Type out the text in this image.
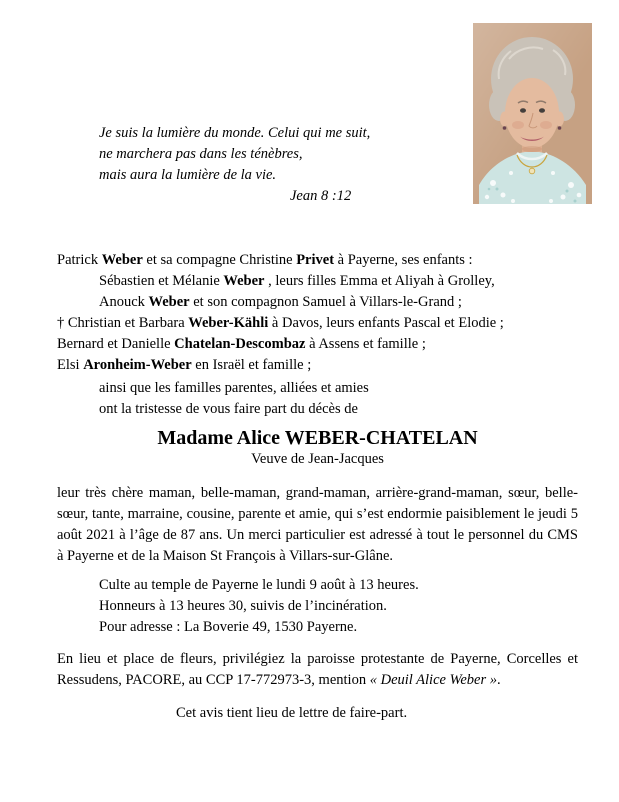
Je suis la lumière du monde. Celui qui me suit,
ne marchera pas dans les ténèbres,
mais aura la lumière de la vie.
Jean 8 :12
Patrick Weber et sa compagne Christine Privet à Payerne, ses enfants :
Sébastien et Mélanie Weber , leurs filles Emma et Aliyah à Grolley,
Anouck Weber et son compagnon Samuel à Villars-le-Grand ;
† Christian et Barbara Weber-Kähli à Davos, leurs enfants Pascal et Elodie ;
Bernard et Danielle Chatelan-Descombaz à Assens et famille ;
Elsi Aronheim-Weber en Israël et famille ;
ainsi que les familles parentes, alliées et amies
ont la tristesse de vous faire part du décès de
Madame Alice WEBER-CHATELAN
Veuve de Jean-Jacques

leur très chère maman, belle-maman, grand-maman, arrière-grand-maman, sœur, belle-sœur, tante, marraine, cousine, parente et amie, qui s’est endormie paisiblement le jeudi 5 août 2021 à l’âge de 87 ans. Un merci particulier est adressé à tout le personnel du CMS à Payerne et de la Maison St François à Villars-sur-Glâne.

Culte au temple de Payerne le lundi 9 août à 13 heures.
Honneurs à 13 heures 30, suivis de l’incinération.
Pour adresse : La Boverie 49, 1530 Payerne.

En lieu et place de fleurs, privilégiez la paroisse protestante de Payerne, Corcelles et Ressudens, PACORE, au CCP 17-772973-3, mention « Deuil Alice Weber ».

Cet avis tient lieu de lettre de faire-part.
